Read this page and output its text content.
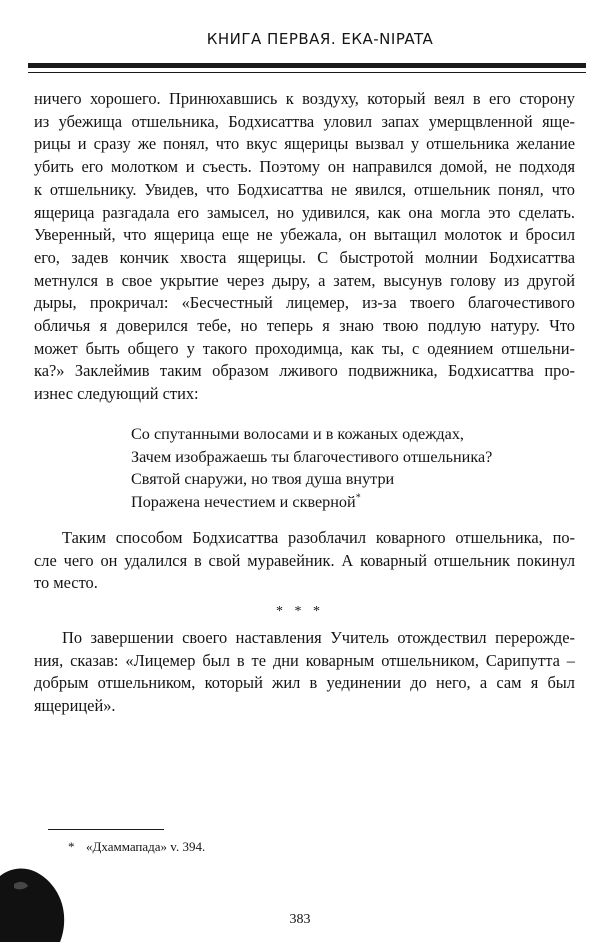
КНИГА ПЕРВАЯ. ЕКА-NIPATA
ничего хорошего. Принюхавшись к воздуху, который веял в его сторону
из убежища отшельника, Бодхисаттва уловил запах умерщвленной яще-
рицы и сразу же понял, что вкус ящерицы вызвал у отшельника желание
убить его молотком и съесть. Поэтому он направился домой, не подходя
к отшельнику. Увидев, что Бодхисаттва не явился, отшельник понял, что
ящерица разгадала его замысел, но удивился, как она могла это сделать.
Уверенный, что ящерица еще не убежала, он вытащил молоток и бросил
его, задев кончик хвоста ящерицы. С быстротой молнии Бодхисаттва
метнулся в свое укрытие через дыру, а затем, высунув голову из другой
дыры, прокричал: «Бесчестный лицемер, из-за твоего благочестивого
обличья я доверился тебе, но теперь я знаю твою подлую натуру. Что
может быть общего у такого проходимца, как ты, с одеянием отшельни-
ка?» Заклеймив таким образом лживого подвижника, Бодхисаттва про-
изнес следующий стих:
Со спутанными волосами и в кожаных одеждах,
Зачем изображаешь ты благочестивого отшельника?
Святой снаружи, но твоя душа внутри
Поражена нечестием и скверной*
Таким способом Бодхисаттва разоблачил коварного отшельника, по-
сле чего он удалился в свой муравейник. А коварный отшельник покинул
то место.
* * *
По завершении своего наставления Учитель отождествил перерожде-
ния, сказав: «Лицемер был в те дни коварным отшельником, Сарипутта –
добрым отшельником, который жил в уединении до него, а сам я был
ящерицей».
* «Дхаммапада» v. 394.
383
